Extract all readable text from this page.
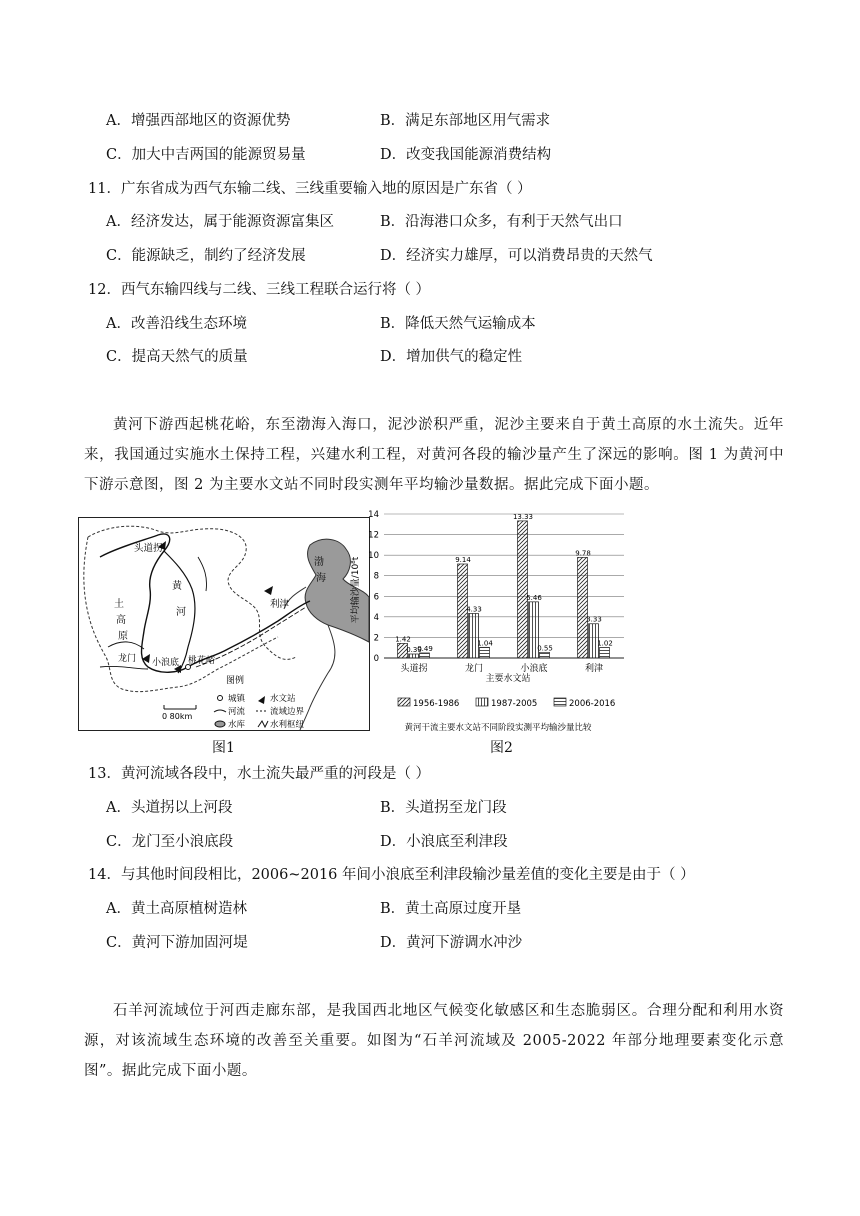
A．增强西部地区的资源优势	B．满足东部地区用气需求
C．加大中吉两国的能源贸易量	D．改变我国能源消费结构
11．广东省成为西气东输二线、三线重要输入地的原因是广东省（ ）
A．经济发达，属于能源资源富集区	B．沿海港口众多，有利于天然气出口
C．能源缺乏，制约了经济发展	D．经济实力雄厚，可以消费昂贵的天然气
12．西气东输四线与二线、三线工程联合运行将（ ）
A．改善沿线生态环境	B．降低天然气运输成本
C．提高天然气的质量	D．增加供气的稳定性
黄河下游西起桃花峪，东至渤海入海口，泥沙淤积严重，泥沙主要来自于黄土高原的水土流失。近年来，我国通过实施水土保持工程，兴建水利工程，对黄河各段的输沙量产生了深远的影响。图 1 为黄河中下游示意图，图 2 为主要水文站不同时段实测年平均输沙量数据。据此完成下面小题。
头道拐
利津
渤
海
黄
河
土
高
原
龙门 小浪底 桃花峪
图例
城镇	水文站
河流	流域边界
水库	水利枢纽
0 80km
图1
1.42
0.39
0.49
9.14
4.33
1.04
13.33
5.46
0.55
9.78
3.33
1.02
0
2
4
6
8
10
12
14
头道拐	龙门	小浪底	利津
平均输沙量/10⁸t
主要水文站
1956-1986	1987-2005	2006-2016
黄河干流主要水文站不同阶段实测平均输沙量比较
图2
13．黄河流域各段中，水土流失最严重的河段是（ ）
A．头道拐以上河段	B．头道拐至龙门段
C．龙门至小浪底段	D．小浪底至利津段
14．与其他时间段相比，2006~2016 年间小浪底至利津段输沙量差值的变化主要是由于（ ）
A．黄土高原植树造林	B．黄土高原过度开垦
C．黄河下游加固河堤	D．黄河下游调水冲沙
石羊河流域位于河西走廊东部，是我国西北地区气候变化敏感区和生态脆弱区。合理分配和利用水资源，对该流域生态环境的改善至关重要。如图为“石羊河流域及 2005-2022 年部分地理要素变化示意图”。据此完成下面小题。
